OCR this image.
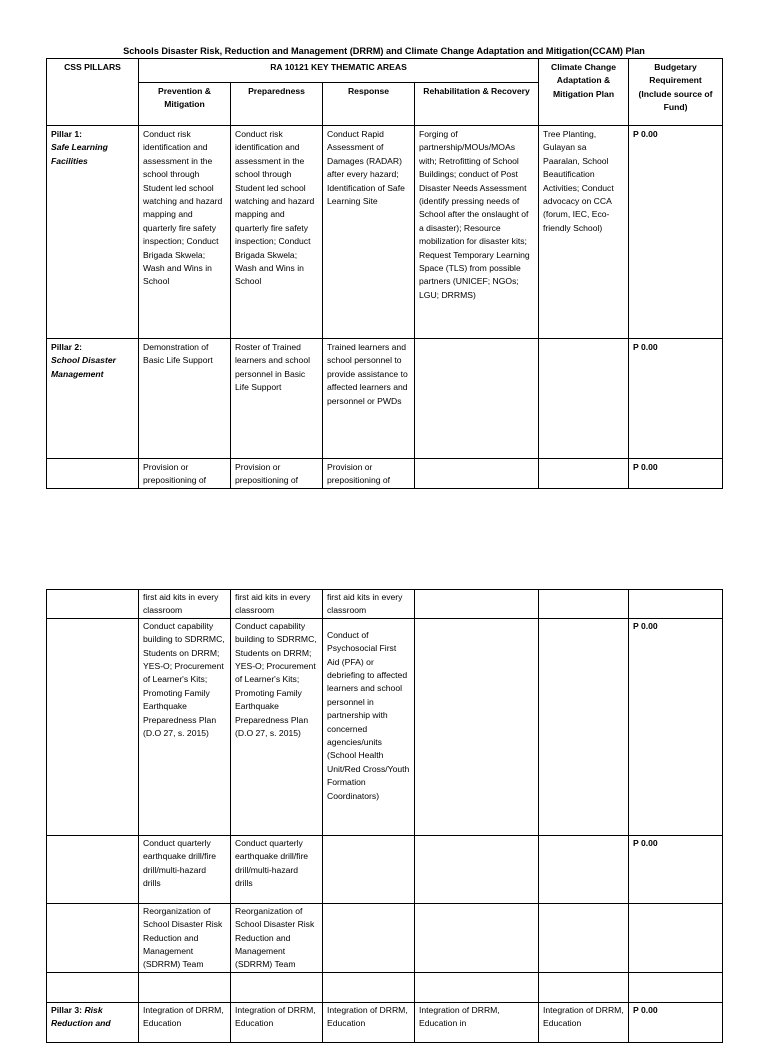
Schools Disaster Risk, Reduction and Management (DRRM) and Climate Change Adaptation and Mitigation(CCAM) Plan
CSS PILLARS	RA 10121 KEY THEMATIC AREAS				Climate Change Adaptation & Mitigation Plan	Budgetary Requirement (Include source of Fund)
	Prevention & Mitigation	Preparedness	Response	Rehabilitation & Recovery		

Pillar 1:
Safe Learning Facilities	Conduct risk identification and assessment in the school through Student led school watching and hazard mapping and quarterly fire safety inspection; Conduct Brigada Skwela; Wash and Wins in School	Conduct risk identification and assessment in the school through Student led school watching and hazard mapping and quarterly fire safety inspection; Conduct Brigada Skwela; Wash and Wins in School	Conduct Rapid Assessment of Damages (RADAR) after every hazard; Identification of Safe Learning Site	Forging of partnership/MOUs/MOAs with; Retrofitting of School Buildings; conduct of Post Disaster Needs Assessment (identify pressing needs of School after the onslaught of a disaster); Resource mobilization for disaster kits; Request Temporary Learning Space (TLS) from possible partners (UNICEF; NGOs; LGU; DRRMS)	Tree Planting, Gulayan sa Paaralan, School Beautification Activities; Conduct advocacy on CCA (forum, IEC, Eco-friendly School)	P 0.00

Pillar 2:
School Disaster Management	Demonstration of Basic Life Support	Roster of Trained learners and school personnel in Basic Life Support	Trained learners and school personnel to provide assistance to affected learners and personnel or PWDs			P 0.00
	Provision or prepositioning of	Provision or prepositioning of	Provision or prepositioning of			P 0.00
	first aid kits in every classroom	first aid kits in every classroom	first aid kits in every classroom			
	Conduct capability building to SDRRMC, Students on DRRM; YES-O; Procurement of Learner's Kits; Promoting Family Earthquake Preparedness Plan (D.O 27, s. 2015)	Conduct capability building to SDRRMC, Students on DRRM; YES-O; Procurement of Learner's Kits; Promoting Family Earthquake Preparedness Plan (D.O 27, s. 2015)	Conduct of Psychosocial First Aid (PFA) or debriefing to affected learners and school personnel in partnership with concerned agencies/units (School Health Unit/Red Cross/Youth Formation Coordinators)			P 0.00
	Conduct quarterly earthquake drill/fire drill/multi-hazard drills	Conduct quarterly earthquake drill/fire drill/multi-hazard drills				P 0.00
	Reorganization of School Disaster Risk Reduction and Management (SDRRM) Team	Reorganization of School Disaster Risk Reduction and Management (SDRRM) Team				

Pillar 3: Risk Reduction and	Integration of DRRM, Education	Integration of DRRM, Education	Integration of DRRM, Education	Integration of DRRM, Education in	Integration of DRRM, Education	P 0.00
